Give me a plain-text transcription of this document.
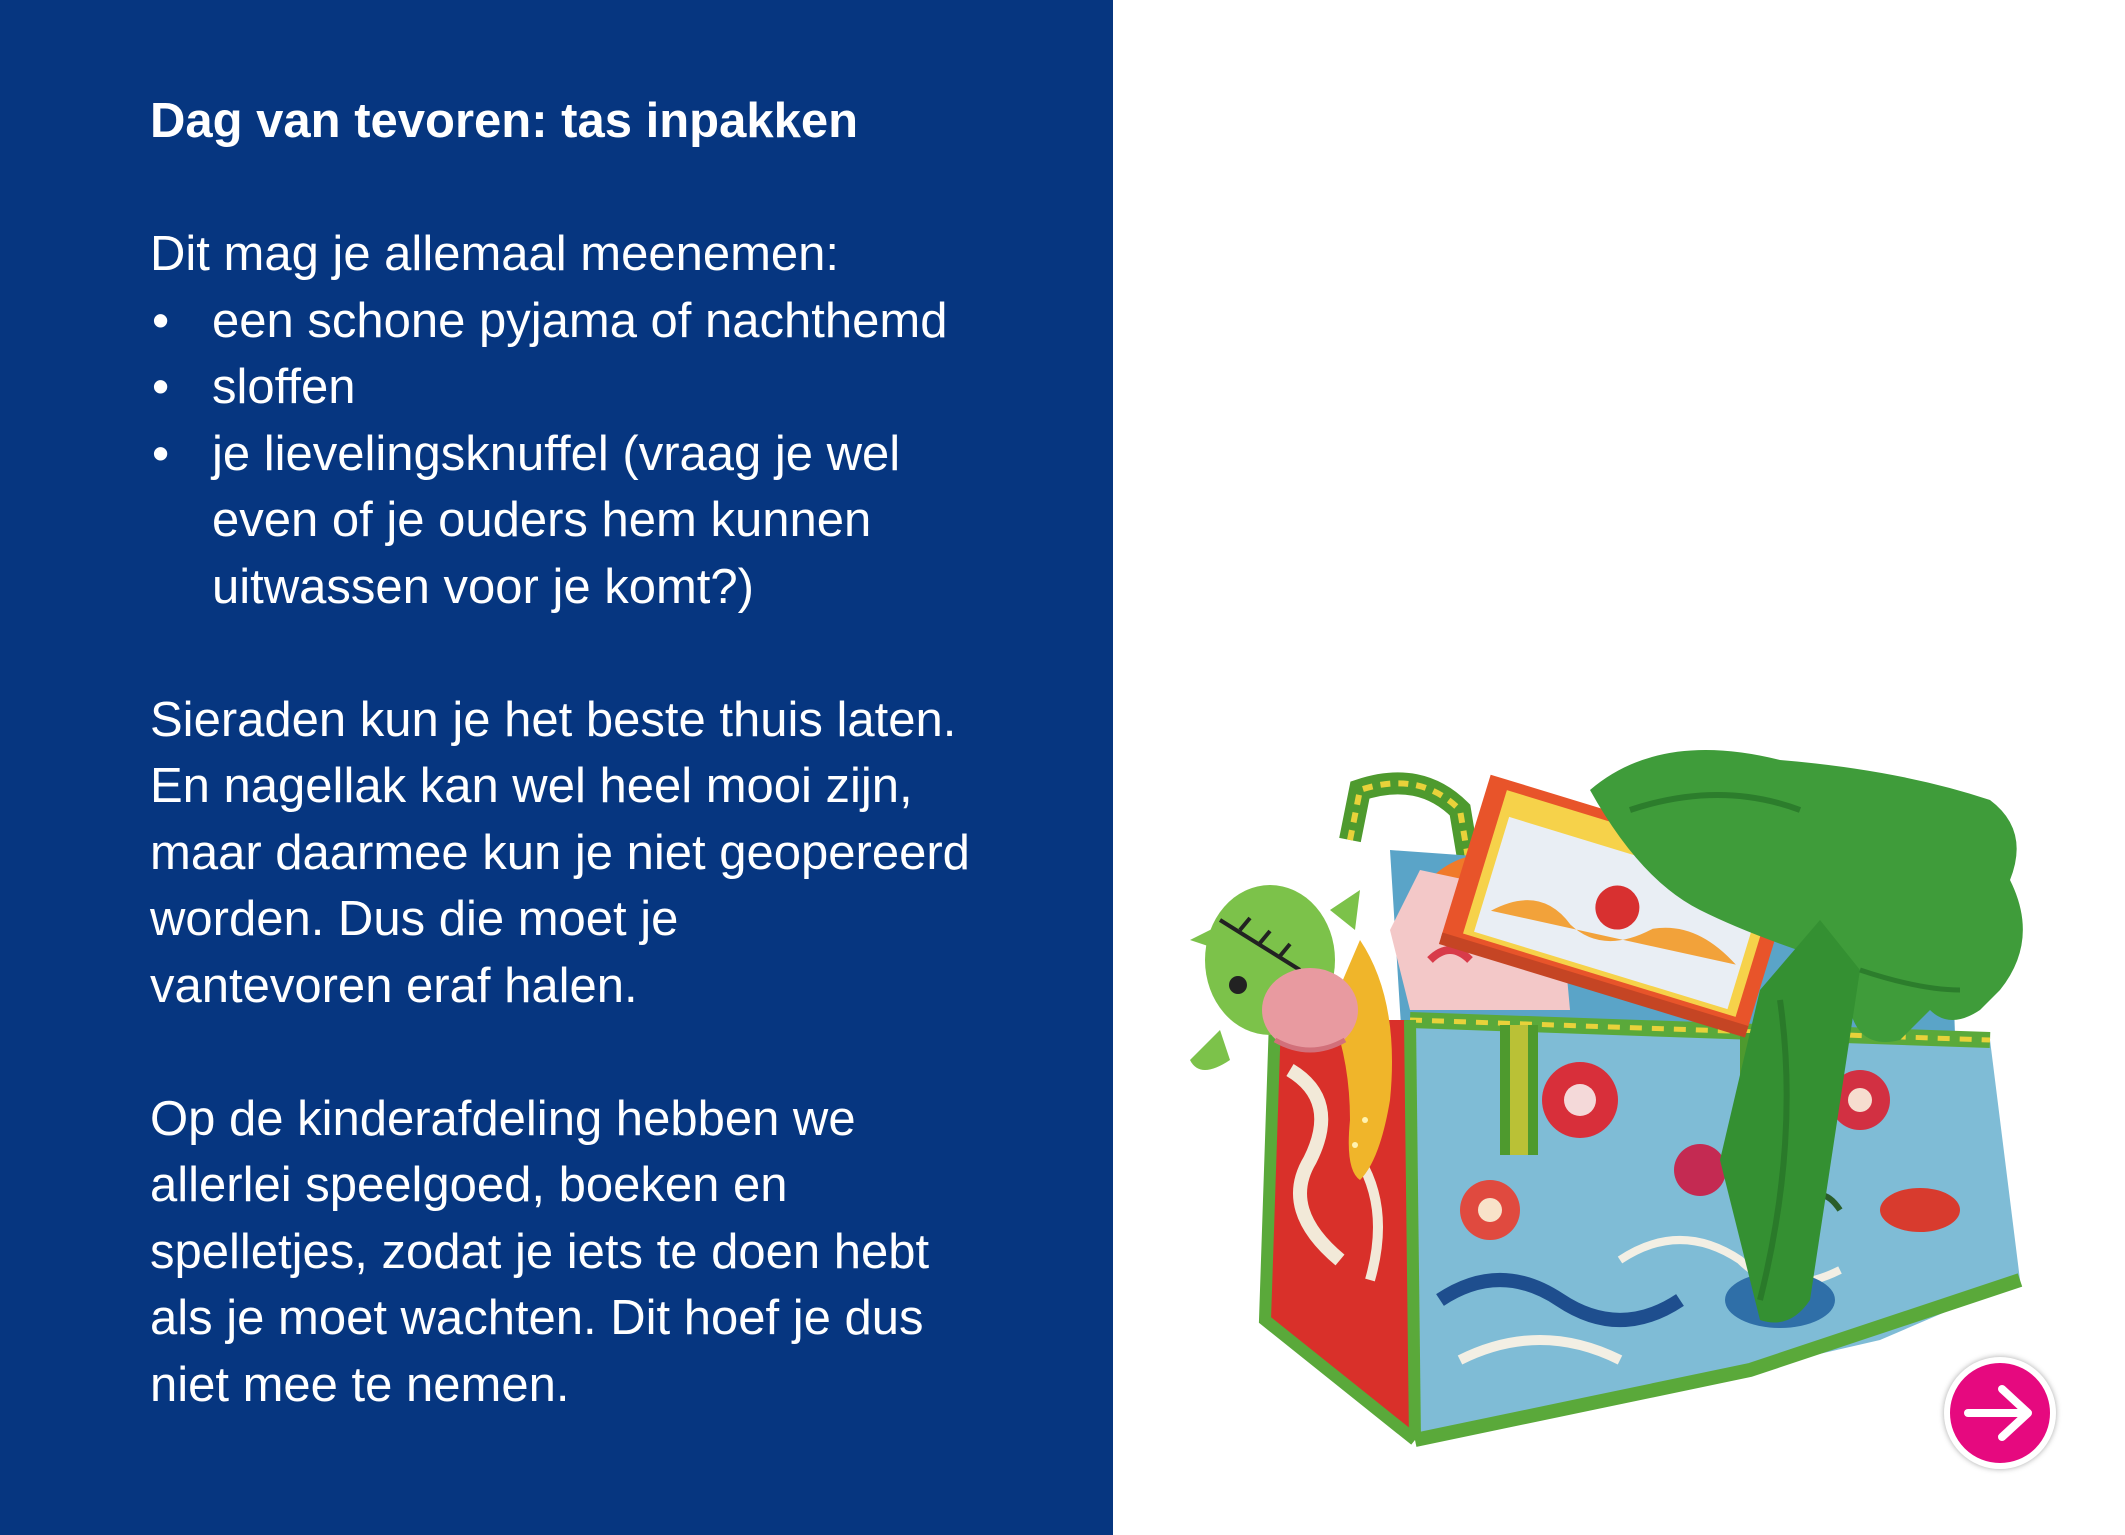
Dag van tevoren: tas inpakken

Dit mag je allemaal meenemen:

• een schone pyjama of nachthemd
• sloffen
• je lievelingsknuffel (vraag je wel
even of je ouders hem kunnen
uitwassen voor je komt?)

Sieraden kun je het beste thuis laten.
En nagellak kan wel heel mooi zijn,
maar daarmee kun je niet geopereerd
worden. Dus die moet je
vantevoren eraf halen.

Op de kinderafdeling hebben we
allerlei speelgoed, boeken en
spelletjes, zodat je iets te doen hebt
als je moet wachten. Dit hoef je dus
niet mee te nemen.
